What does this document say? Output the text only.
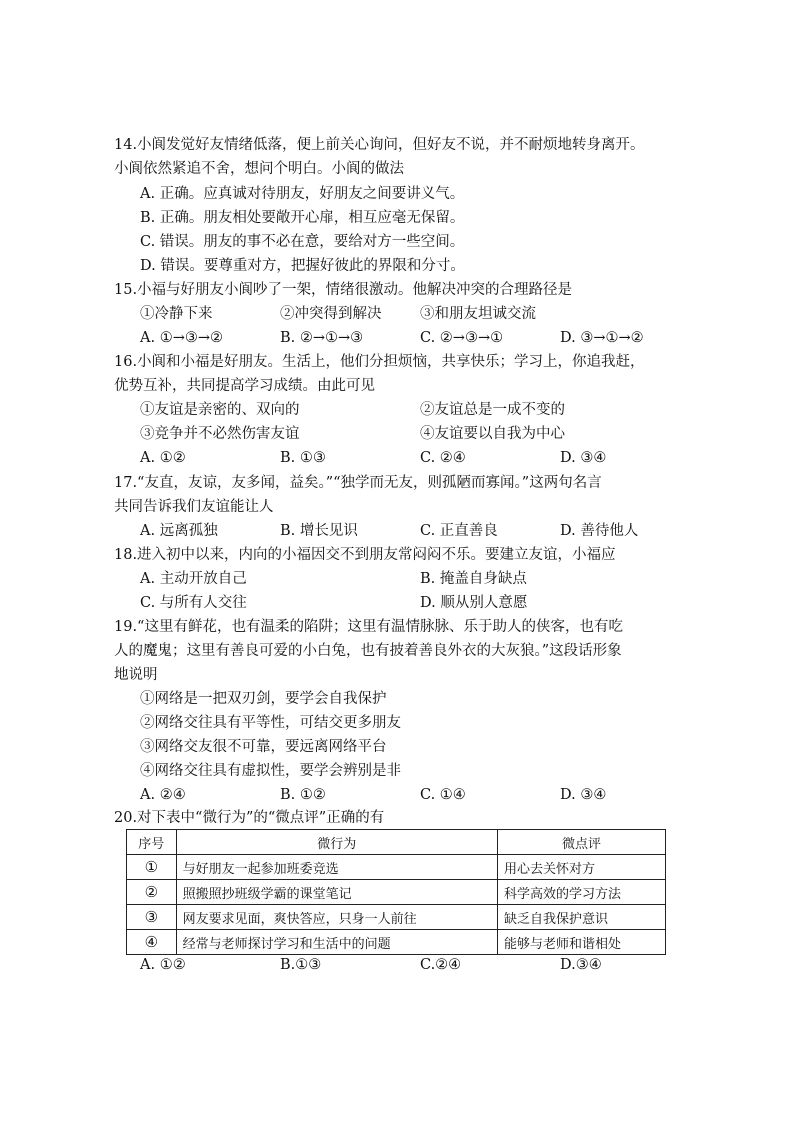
14.小阆发觉好友情绪低落，便上前关心询问，但好友不说，并不耐烦地转身离开。
小阆依然紧追不舍，想问个明白。小阆的做法
A. 正确。应真诚对待朋友，好朋友之间要讲义气。
B. 正确。朋友相处要敞开心扉，相互应毫无保留。
C. 错误。朋友的事不必在意，要给对方一些空间。
D. 错误。要尊重对方，把握好彼此的界限和分寸。
15.小福与好朋友小阆吵了一架，情绪很激动。他解决冲突的合理路径是
①冷静下来	②冲突得到解决	③和朋友坦诚交流
A. ①→③→②	B. ②→①→③	C. ②→③→①	D. ③→①→②
16.小阆和小福是好朋友。生活上，他们分担烦恼，共享快乐；学习上，你追我赶，
优势互补，共同提高学习成绩。由此可见
①友谊是亲密的、双向的	②友谊总是一成不变的
③竞争并不必然伤害友谊	④友谊要以自我为中心
A. ①②	B. ①③	C. ②④	D. ③④
17.“友直，友谅，友多闻，益矣。”“独学而无友，则孤陋而寡闻。”这两句名言
共同告诉我们友谊能让人
A. 远离孤独	B. 增长见识	C. 正直善良	D. 善待他人
18.进入初中以来，内向的小福因交不到朋友常闷闷不乐。要建立友谊，小福应
A. 主动开放自己	B. 掩盖自身缺点
C. 与所有人交往	D. 顺从别人意愿
19.“这里有鲜花，也有温柔的陷阱；这里有温情脉脉、乐于助人的侠客，也有吃
人的魔鬼；这里有善良可爱的小白兔，也有披着善良外衣的大灰狼。”这段话形象
地说明
①网络是一把双刃剑，要学会自我保护
②网络交往具有平等性，可结交更多朋友
③网络交友很不可靠，要远离网络平台
④网络交往具有虚拟性，要学会辨别是非
A. ②④	B. ①②	C. ①④	D. ③④
20.对下表中“微行为”的“微点评”正确的有
序号	微行为	微点评
①	与好朋友一起参加班委竞选	用心去关怀对方
②	照搬照抄班级学霸的课堂笔记	科学高效的学习方法
③	网友要求见面，爽快答应，只身一人前往	缺乏自我保护意识
④	经常与老师探讨学习和生活中的问题	能够与老师和谐相处
A. ①②	B.①③	C.②④	D.③④
